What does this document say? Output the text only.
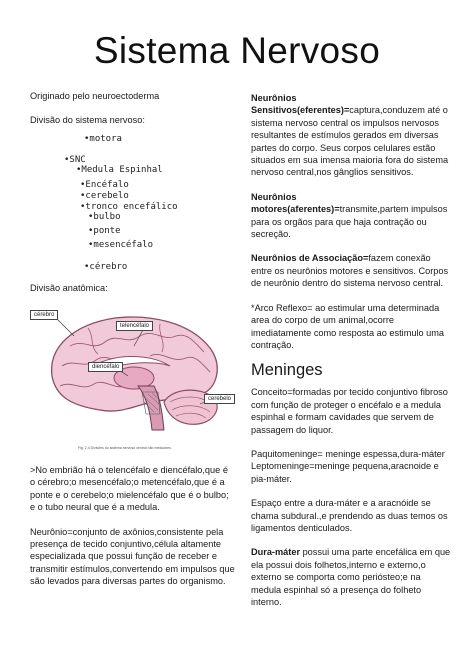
Sistema Nervoso

Originado pelo neuroectoderma

Divisão do sistema nervoso:

•motora
•SNC
•Medula Espinhal
•Encéfalo
•cerebelo
•tronco encefálico
•bulbo
•ponte
•mesencéfalo
•cérebro

Divisão anatômica:

cérebro
telencéfalo
diencéfalo
cerebelo
Fig. 2.4 Divisões do sistema nervoso central não medulares.

>No embrião há o telencéfalo e diencéfalo,que é o cérebro;o mesencéfalo;o metencéfalo,que é a ponte e o cerebelo;o mielencéfalo que é o bulbo; e o tubo neural que é a medula.

Neurônio=conjunto de axônios,consistente pela presença de tecido conjuntivo,célula altamente especializada que possui função de receber e transmitir estímulos,convertendo em impulsos que são levados para diversas partes do organismo.

Neurônios Sensitivos(eferentes)=captura,conduzem até o sistema nervoso central os impulsos nervosos resultantes de estímulos gerados em diversas partes do corpo. Seus corpos celulares estão situados em sua imensa maioria fora do sistema nervoso central,nos gânglios sensitivos.

Neurônios motores(aferentes)=transmite,partem impulsos para os orgãos para que haja contração ou secreção.

Neurônios de Associação=fazem conexão entre os neurônios motores e sensitivos. Corpos de neurônio dentro do sistema nervoso central.

*Arco Reflexo= ao estimular uma determinada area do corpo de um animal,ocorre imediatamente como resposta ao estimulo uma contração.

Meninges

Conceito=formadas por tecido conjuntivo fibroso com função de proteger o encéfalo e a medula espinhal e formam cavidades que servem de passagem do liquor.

Paquitomeninge= meninge espessa,dura-máter Leptomeninge=meninge pequena,aracnoide e pia-máter.

Espaço entre a dura-máter e a aracnóide se chama subdural.,e prendendo as duas temos os ligamentos denticulados.

Dura-máter possui uma parte encefálica em que ela possui dois folhetos,interno e externo,o externo se comporta como periósteo;e na medula espinhal só a presença do folheto interno.
